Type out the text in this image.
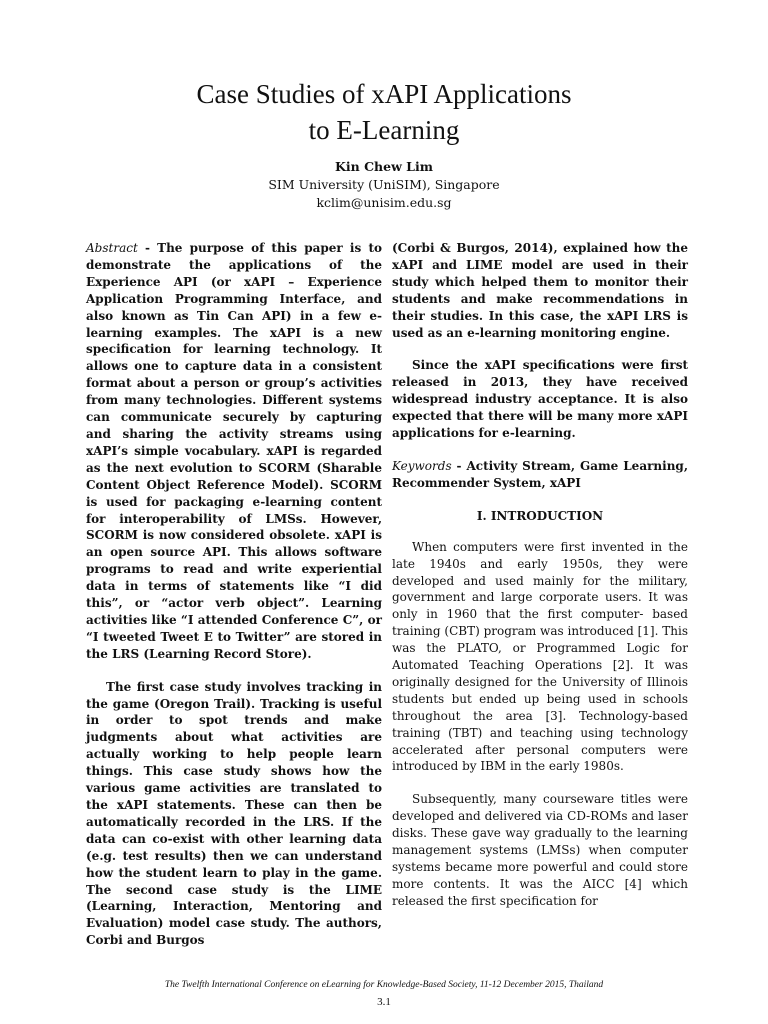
Case Studies of xAPI Applications
to E-Learning
Kin Chew Lim
SIM University (UniSIM), Singapore
kclim@unisim.edu.sg

Abstract - The purpose of this paper is to demonstrate the applications of the Experience API (or xAPI – Experience Application Programming Interface, and also known as Tin Can API) in a few e-learning examples. The xAPI is a new specification for learning technology. It allows one to capture data in a consistent format about a person or group’s activities from many technologies. Different systems can communicate securely by capturing and sharing the activity streams using xAPI’s simple vocabulary. xAPI is regarded as the next evolution to SCORM (Sharable Content Object Reference Model). SCORM is used for packaging e-learning content for interoperability of LMSs. However, SCORM is now considered obsolete. xAPI is an open source API. This allows software programs to read and write experiential data in terms of statements like “I did this”, or “actor verb object”. Learning activities like “I attended Conference C”, or “I tweeted Tweet E to Twitter” are stored in the LRS (Learning Record Store).

The first case study involves tracking in the game (Oregon Trail). Tracking is useful in order to spot trends and make judgments about what activities are actually working to help people learn things. This case study shows how the various game activities are translated to the xAPI statements. These can then be automatically recorded in the LRS. If the data can co-exist with other learning data (e.g. test results) then we can understand how the student learn to play in the game. The second case study is the LIME (Learning, Interaction, Mentoring and Evaluation) model case study. The authors, Corbi and Burgos

(Corbi & Burgos, 2014), explained how the xAPI and LIME model are used in their study which helped them to monitor their students and make recommendations in their studies. In this case, the xAPI LRS is used as an e-learning monitoring engine.

Since the xAPI specifications were first released in 2013, they have received widespread industry acceptance. It is also expected that there will be many more xAPI applications for e-learning.

Keywords - Activity Stream, Game Learning, Recommender System, xAPI

I. INTRODUCTION

When computers were first invented in the late 1940s and early 1950s, they were developed and used mainly for the military, government and large corporate users. It was only in 1960 that the first computer- based training (CBT) program was introduced [1]. This was the PLATO, or Programmed Logic for Automated Teaching Operations [2]. It was originally designed for the University of Illinois students but ended up being used in schools throughout the area [3]. Technology-based training (TBT) and teaching using technology accelerated after personal computers were introduced by IBM in the early 1980s.

Subsequently, many courseware titles were developed and delivered via CD-ROMs and laser disks. These gave way gradually to the learning management systems (LMSs) when computer systems became more powerful and could store more contents. It was the AICC [4] which released the first specification for

The Twelfth International Conference on eLearning for Knowledge-Based Society, 11-12 December 2015, Thailand
3.1
